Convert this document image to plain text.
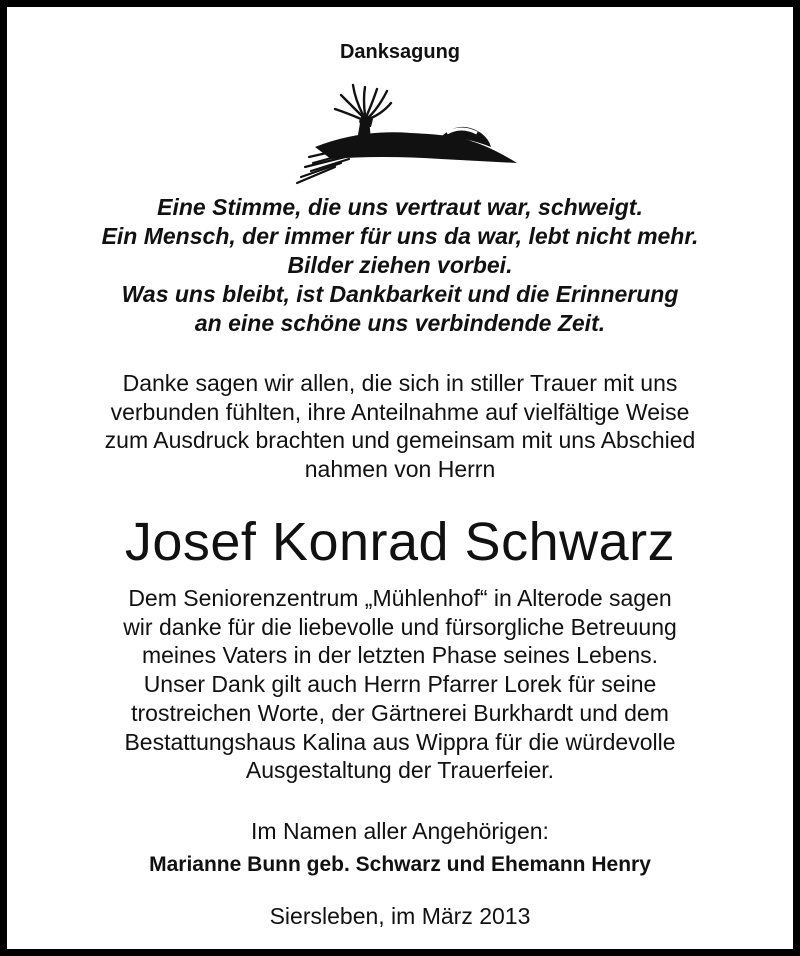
Danksagung
Eine Stimme, die uns vertraut war, schweigt.
Ein Mensch, der immer für uns da war, lebt nicht mehr.
Bilder ziehen vorbei.
Was uns bleibt, ist Dankbarkeit und die Erinnerung
an eine schöne uns verbindende Zeit.
Danke sagen wir allen, die sich in stiller Trauer mit uns
verbunden fühlten, ihre Anteilnahme auf vielfältige Weise
zum Ausdruck brachten und gemeinsam mit uns Abschied
nahmen von Herrn
Josef Konrad Schwarz
Dem Seniorenzentrum „Mühlenhof“ in Alterode sagen
wir danke für die liebevolle und fürsorgliche Betreuung
meines Vaters in der letzten Phase seines Lebens.
Unser Dank gilt auch Herrn Pfarrer Lorek für seine
trostreichen Worte, der Gärtnerei Burkhardt und dem
Bestattungshaus Kalina aus Wippra für die würdevolle
Ausgestaltung der Trauerfeier.
Im Namen aller Angehörigen:
Marianne Bunn geb. Schwarz und Ehemann Henry
Siersleben, im März 2013
